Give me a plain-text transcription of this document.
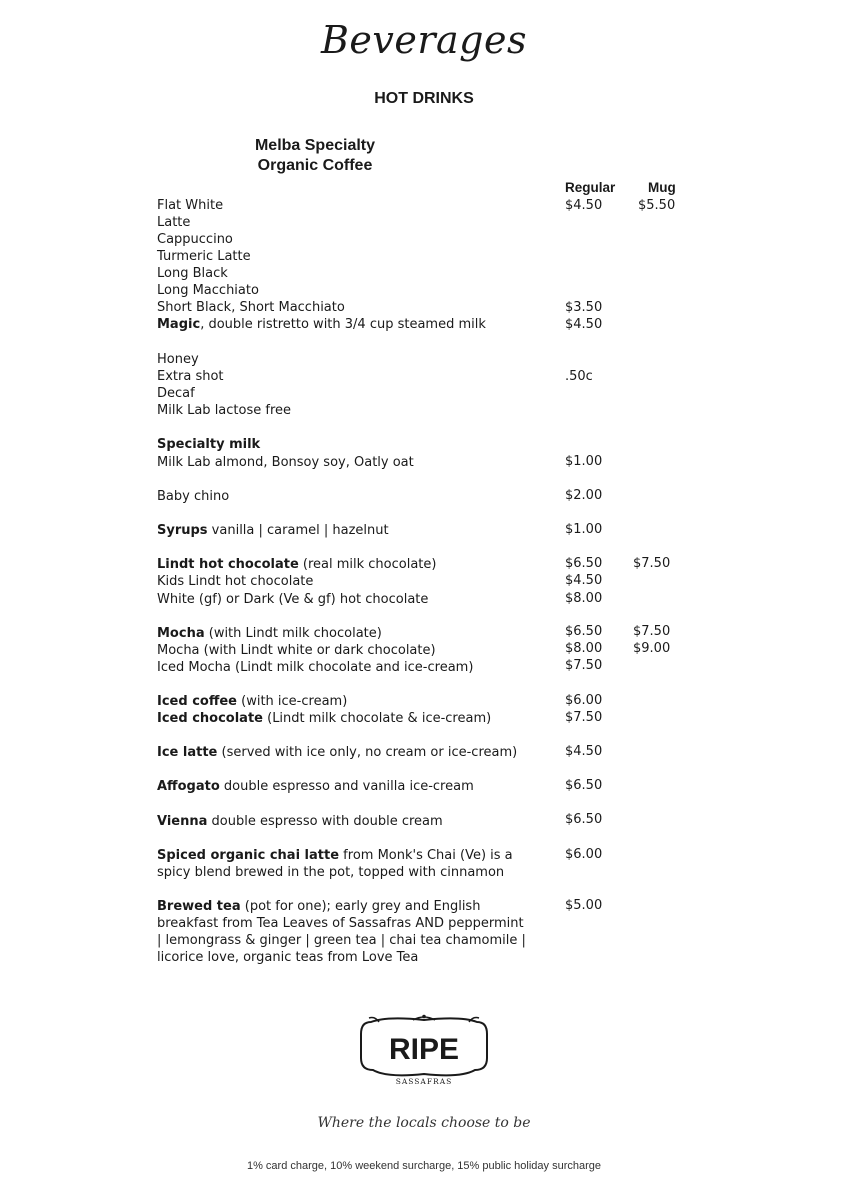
Beverages
HOT DRINKS
Melba Specialty
Organic Coffee
Regular Mug
Flat White	$4.50	$5.50
Latte
Cappuccino
Turmeric Latte
Long Black
Long Macchiato
Short Black, Short Macchiato	$3.50
Magic, double ristretto with 3/4 cup steamed milk	$4.50
Honey
Extra shot	.50c
Decaf
Milk Lab lactose free
Specialty milk
Milk Lab almond, Bonsoy soy, Oatly oat	$1.00
Baby chino	$2.00
Syrups vanilla | caramel | hazelnut	$1.00
Lindt hot chocolate (real milk chocolate)	$6.50 $7.50
Kids Lindt hot chocolate	$4.50
White (gf) or Dark (Ve & gf) hot chocolate	$8.00
Mocha (with Lindt milk chocolate)	$6.50 $7.50
Mocha (with Lindt white or dark chocolate)	$8.00 $9.00
Iced Mocha (Lindt milk chocolate and ice-cream)	$7.50
Iced coffee (with ice-cream)	$6.00
Iced chocolate (Lindt milk chocolate & ice-cream)	$7.50
Ice latte (served with ice only, no cream or ice-cream)	$4.50
Affogato double espresso and vanilla ice-cream	$6.50
Vienna double espresso with double cream	$6.50
Spiced organic chai latte from Monk's Chai (Ve) is a spicy blend brewed in the pot, topped with cinnamon
$6.00
Brewed tea (pot for one); early grey and English breakfast from Tea Leaves of Sassafras AND peppermint | lemongrass & ginger | green tea | chai tea chamomile | licorice love, organic teas from Love Tea
$5.00
RIPE
SASSAFRAS
Where the locals choose to be
1% card charge, 10% weekend surcharge, 15% public holiday surcharge
